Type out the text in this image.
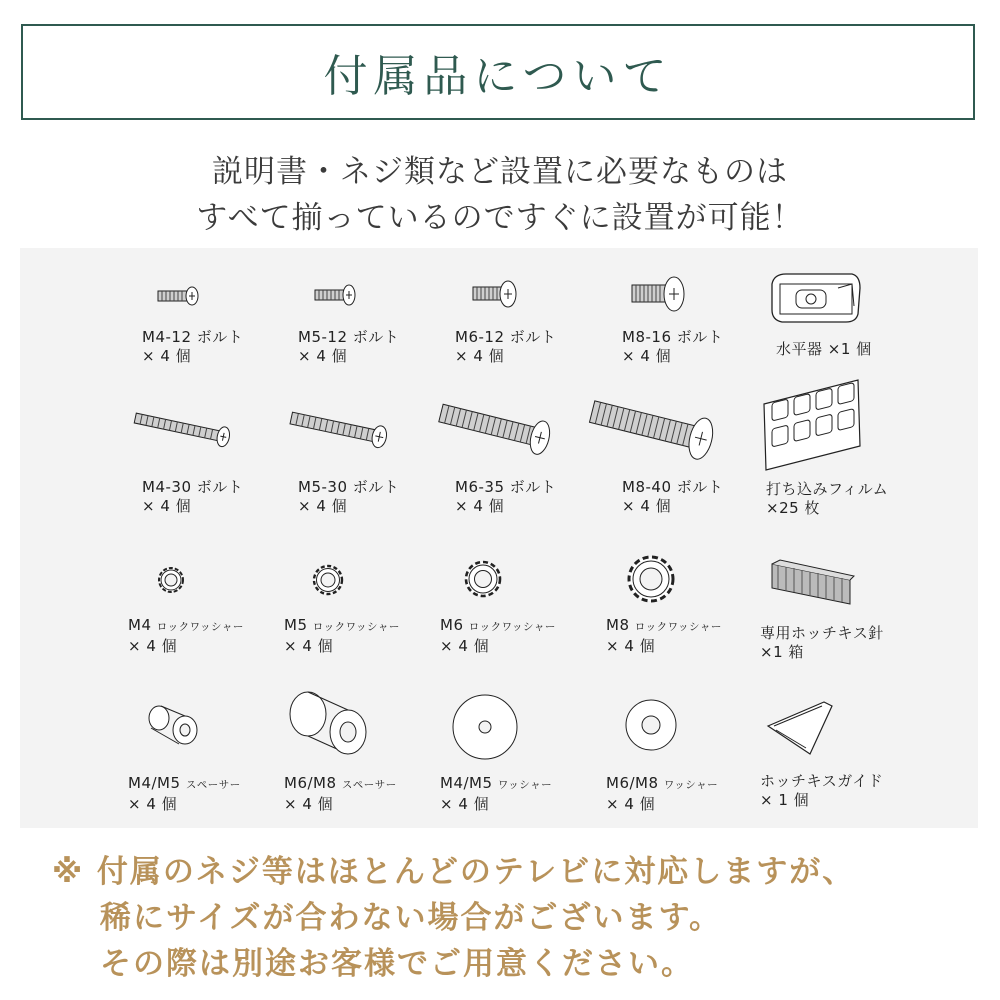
付属品について
説明書・ネジ類など設置に必要なものは
すべて揃っているのですぐに設置が可能！
M4-12 ボルト
× 4 個
M5-12 ボルト
× 4 個
M6-12 ボルト
× 4 個
M8-16 ボルト
× 4 個	水平器 ×1 個
M4-30 ボルト
× 4 個
M5-30 ボルト
× 4 個
M6-35 ボルト
× 4 個
M8-40 ボルト
× 4 個
打ち込みフィルム
×25 枚
M4 ロックワッシャー
× 4 個
M5 ロックワッシャー
× 4 個
M6 ロックワッシャー
× 4 個
M8 ロックワッシャー
× 4 個
専用ホッチキス針
×1 箱
M4/M5 スペーサー
× 4 個
M6/M8 スペーサー
× 4 個
M4/M5 ワッシャー
× 4 個
M6/M8 ワッシャー
× 4 個
ホッチキスガイド
× 1 個
※ 付属のネジ等はほとんどのテレビに対応しますが、
稀にサイズが合わない場合がございます。
その際は別途お客様でご用意ください。
